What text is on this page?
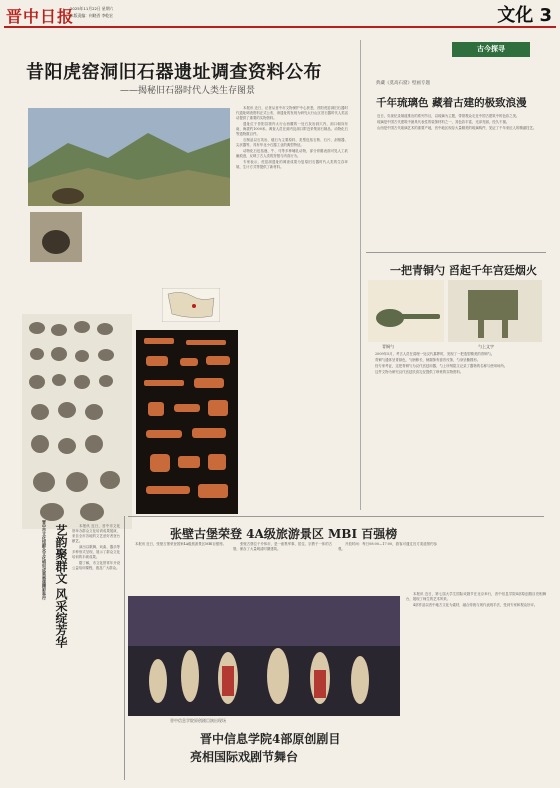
晋中日报
2025年11月22日 星期六
本版责编：何晓晋 李乾宏	文化 3
昔阳虎窑洞旧石器遗址调查资料公布
——揭秘旧石器时代人类生存图景
古今探寻

本报讯 近日，记者从晋中市文物保护中心获悉，昔阳虎窑洞旧石器时代遗址调查资料正式公布，该遗址的发现为研究太行山区旧石器时代人类活动提供了重要的实物资料。

遗址位于昔阳县境内太行山西麓的一处石灰岩洞穴内，洞口朝向东南，海拔约1000米。调查人员在洞内及洞口附近采集到石制品、动物化石等遗物数百件。

石制品以石英岩、燧石为主要原料，类型包括石核、石片、刮削器、尖状器等，具有华北小石器工业的典型特征。

动物化石包括鹿、牛、马等多种哺乳动物，部分骨骼表面可见人工砍砸痕迹，反映了古人类的狩猎与肉食行为。

专家表示，虎窑洞遗址的调查成果为复原旧石器时代人类的生存环境、生计方式等提供了新材料。

典藏《莫高石窟》壁画专题
千年琉璃色 藏着古建的极致浪漫

近日，央视纪录频道推出的系列节目，以琉璃为主题，带领观众走近中国古建筑中的色彩之美。

琉璃是中国古代建筑中最具代表性的装饰材料之一，其色彩丰富、光泽亮丽，经久不褪。

山西是中国古代琉璃艺术的重要产地，晋中地区现存大量精美的琉璃构件，见证了千年来匠人的精湛技艺。

一把青铜勺 舀起千年宫廷烟火
青铜勺	勺上文字

2009年5月，考古人员在清理一处汉代墓葬时，发现了一把造型精美的青铜勺。

青铜勺通体呈青绿色，勺柄修长，柄端饰有兽首纹饰，勺身呈椭圆形。

经专家考证，这把青铜勺为汉代宫廷用器，勺上所刻铭文记录了器物的名称与使用场所。

这件文物为研究汉代宫廷饮食礼仪提供了珍贵的实物资料。

晋中市文化馆群众文化培训成果展演精彩举行 艺韵聚群文 风采绽芳华	本报讯 近日，晋中市文化馆举办群众文化培训成果展演，来自全市各地的文艺爱好者登台献艺。

演出以歌舞、戏曲、器乐等多种形式呈现，展示了群众文化培训的丰硕成果。

据了解，市文化馆常年开设公益培训课程，惠及广大群众。

张壁古堡荣登 4A级旅游景区 MBI 百强榜

本报讯 近日，张壁古堡荣登国家4A级旅游景区MBI百强榜。	张壁古堡位于介休市，是一座集军事、居住、宗教于一体的古堡，保存了大量明清时期建筑。

开放时间：每日08:00—17:00，游客可通过官方渠道预约参观。

晋中信息学院原创剧目演出现场
晋中信息学院4部原创剧目
亮相国际戏剧节舞台

本报讯 近日，第七届大学生国际戏剧节在北京举行，晋中信息学院4部原创剧目亮相舞台，展现了师生的艺术风采。

4部作品以晋中地方文化为素材，融合传统与现代表现手法，受到专家和观众好评。
